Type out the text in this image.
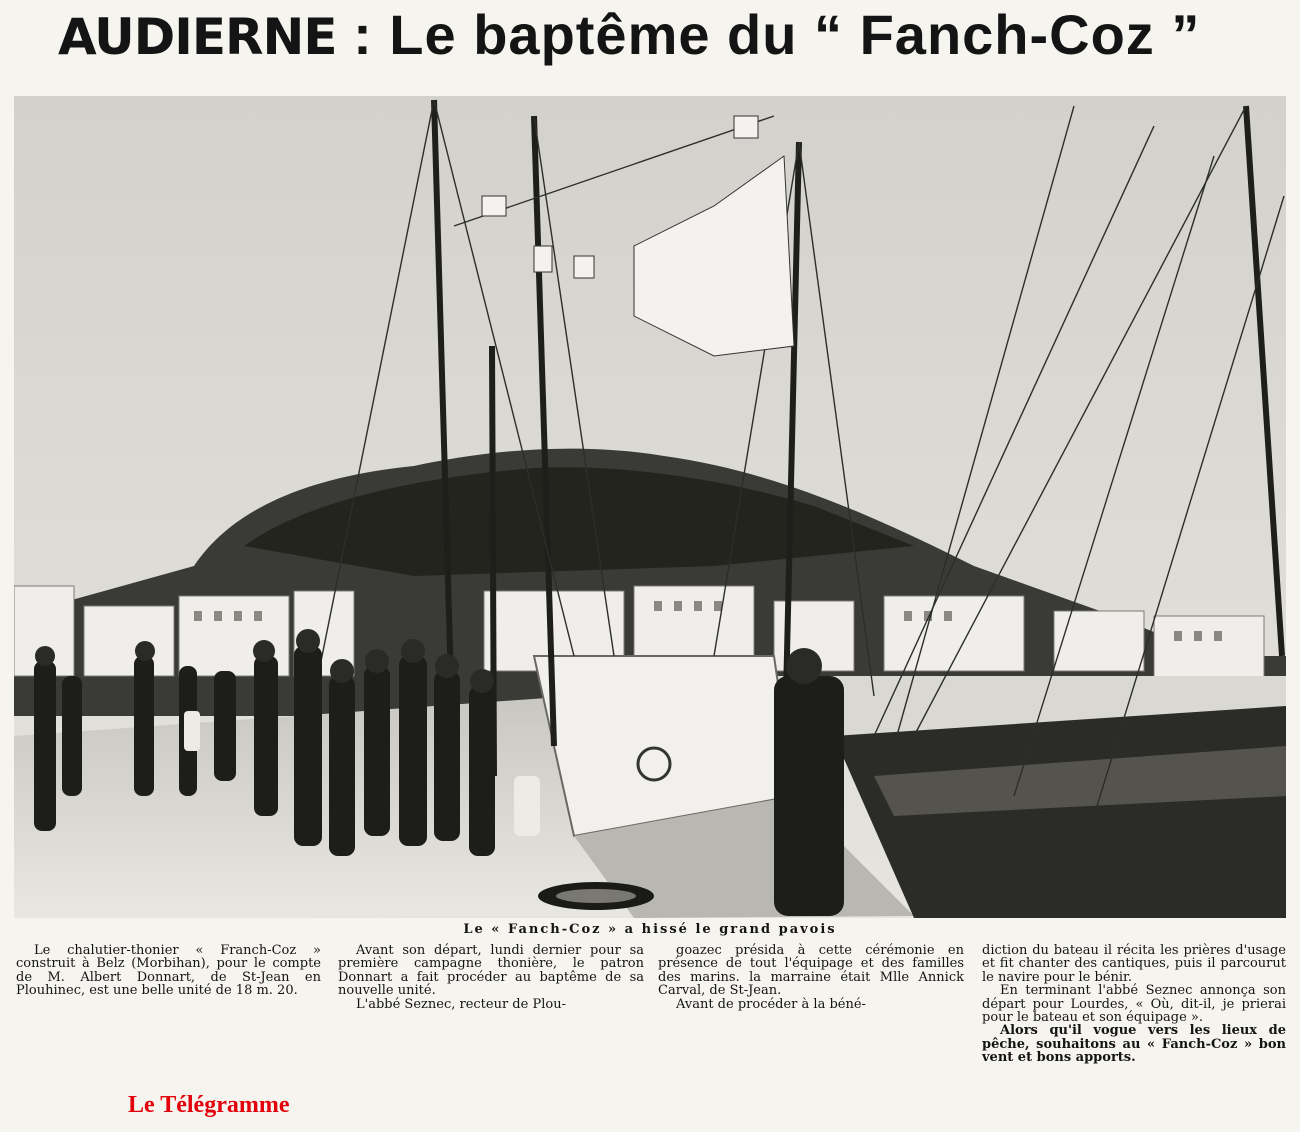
AUDIERNE : Le baptême du “ Fanch-Coz ”
Le « Fanch-Coz » a hissé le grand pavois

Le chalutier-thonier « Franch-Coz » construit à Belz (Morbihan), pour le compte de M. Albert Donnart, de St-Jean en Plouhinec, est une belle unité de 18 m. 20.

Avant son départ, lundi dernier pour sa première campagne thonière, le patron Donnart a fait procéder au baptême de sa nouvelle unité.

L'abbé Seznec, recteur de Plou-

goazec présida à cette cérémonie en présence de tout l'équipage et des familles des marins. la marraine était Mlle Annick Carval, de St-Jean.

Avant de procéder à la béné-

diction du bateau il récita les prières d'usage et fit chanter des cantiques, puis il parcourut le navire pour le bénir.

En terminant l'abbé Seznec annonça son départ pour Lourdes, « Où, dit-il, je prierai pour le bateau et son équipage ».

Alors qu'il vogue vers les lieux de pêche, souhaitons au « Fanch-Coz » bon vent et bons apports.

Le Télégramme
